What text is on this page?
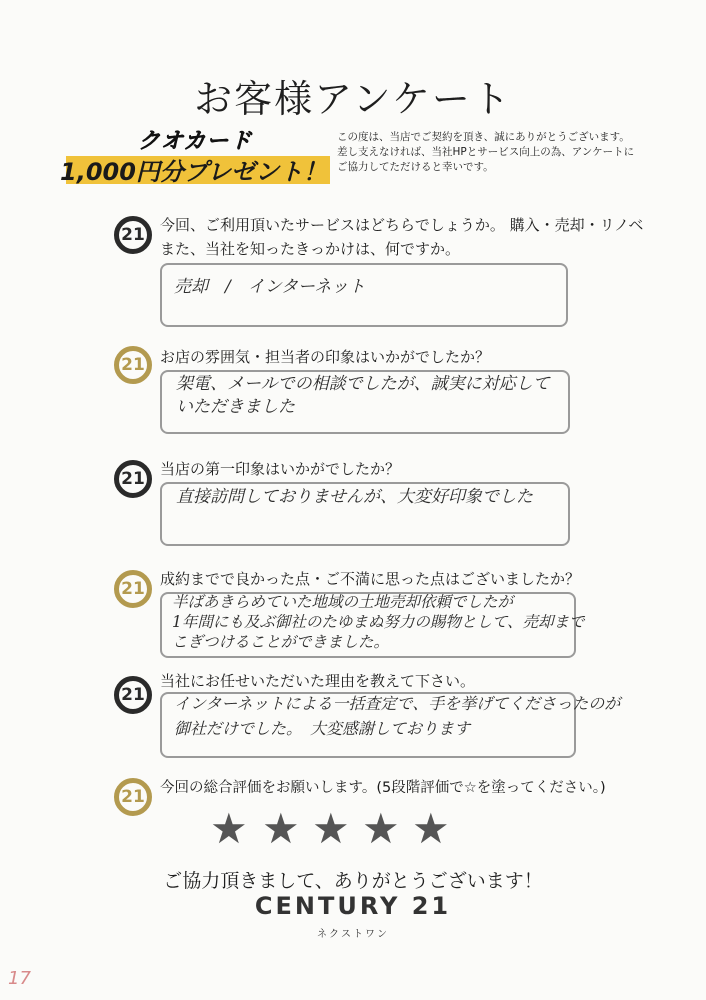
お客様アンケート
クオカード
1,000円分プレゼント！
この度は、当店でご契約を頂き、誠にありがとうございます。
差し支えなければ、当社HPとサービス向上の為、アンケートに
ご協力してただけると幸いです。
21	今回、ご利用頂いたサービスはどちらでしょうか。 購入・売却・リノベ
また、当社を知ったきっかけは、何ですか。
売却　/　インターネット
21	お店の雰囲気・担当者の印象はいかがでしたか？
架電、メールでの相談でしたが、誠実に対応して
いただきました
21	当店の第一印象はいかがでしたか？
直接訪問しておりませんが、大変好印象でした
21	成約までで良かった点・ご不満に思った点はございましたか？
半ばあきらめていた地域の土地売却依頼でしたが
1年間にも及ぶ御社のたゆまぬ努力の賜物として、売却まで
こぎつけることができました。
21
当社にお任せいただいた理由を教えて下さい。
インターネットによる一括査定で、手を挙げてくださったのが
御社だけでした。　大変感謝しております
21	今回の総合評価をお願いします。(5段階評価で☆を塗ってください。)
★ ★ ★ ★ ★
ご協力頂きまして、ありがとうございます！
CENTURY 21
ネクストワン
17
